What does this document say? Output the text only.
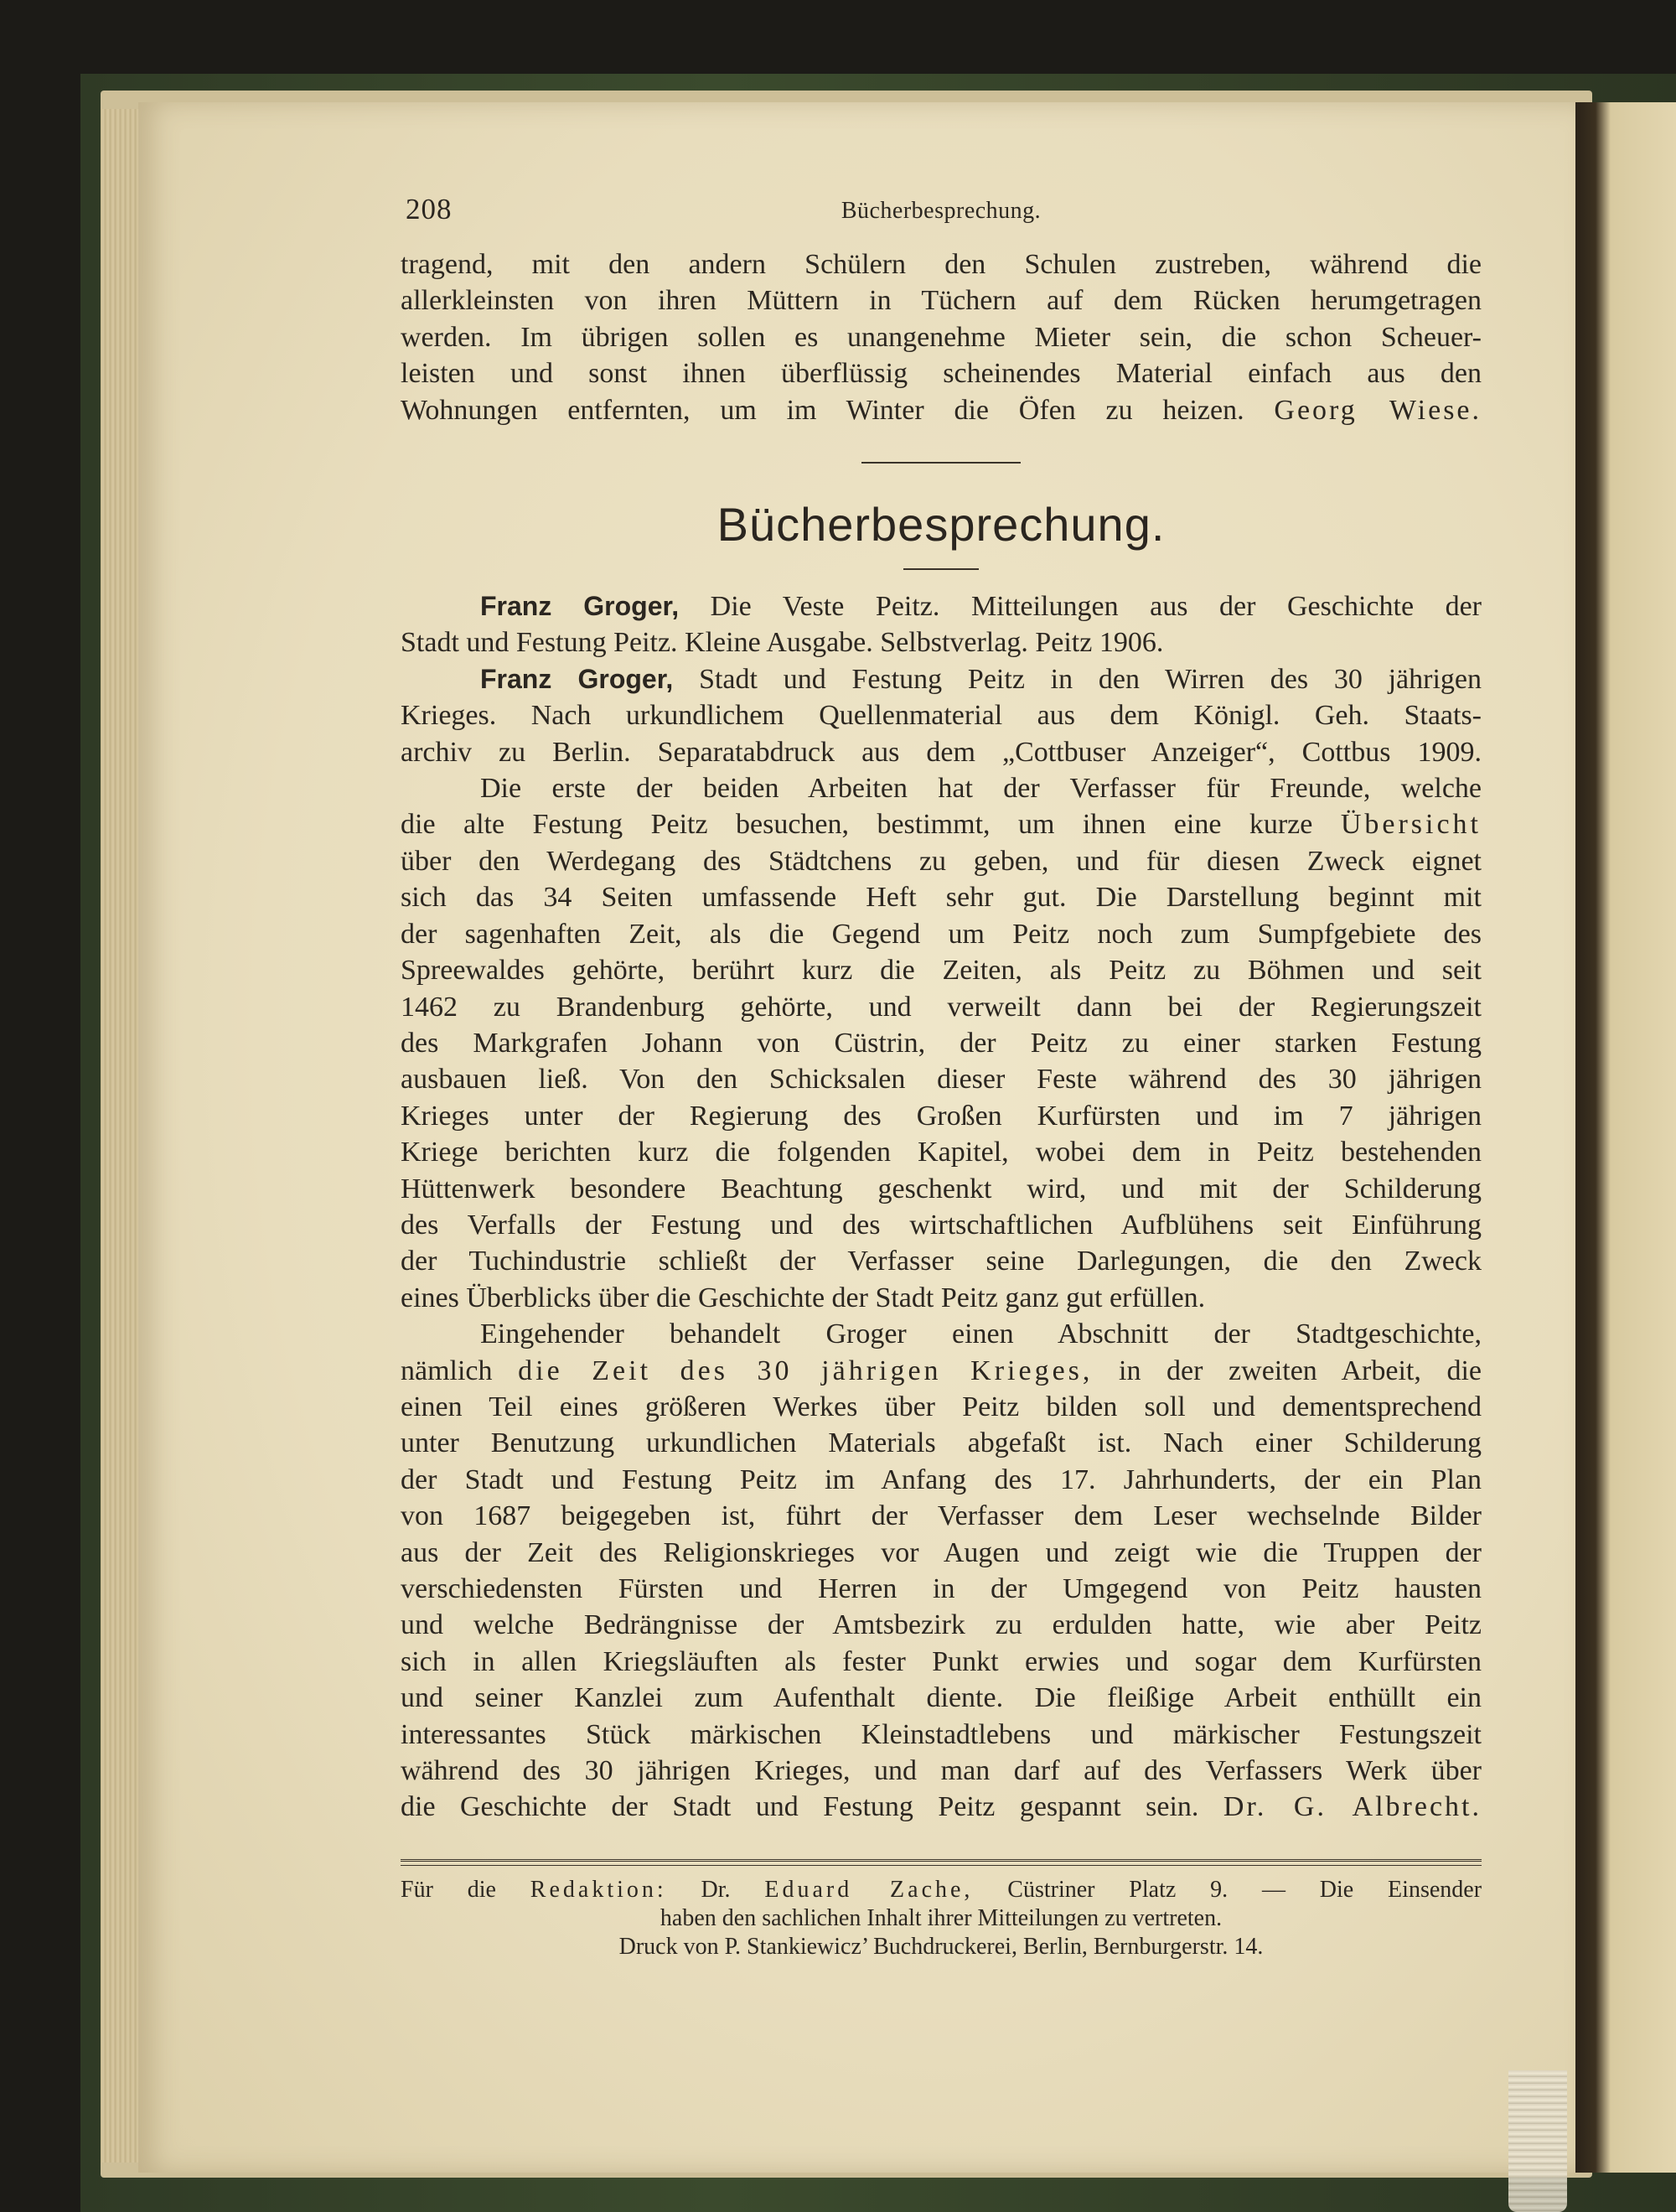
208	Bücherbesprechung.
tragend, mit den andern Schülern den Schulen zustreben, während die
allerkleinsten von ihren Müttern in Tüchern auf dem Rücken herumgetragen
werden. Im übrigen sollen es unangenehme Mieter sein, die schon Scheuer-
leisten und sonst ihnen überflüssig scheinendes Material einfach aus den
Wohnungen entfernten, um im Winter die Öfen zu heizen. Georg Wiese.
Bücherbesprechung.
Franz Groger, Die Veste Peitz. Mitteilungen aus der Geschichte der
Stadt und Festung Peitz. Kleine Ausgabe. Selbstverlag. Peitz 1906.
Franz Groger, Stadt und Festung Peitz in den Wirren des 30 jährigen
Krieges. Nach urkundlichem Quellenmaterial aus dem Königl. Geh. Staats-
archiv zu Berlin. Separatabdruck aus dem „Cottbuser Anzeiger“, Cottbus 1909.
Die erste der beiden Arbeiten hat der Verfasser für Freunde, welche
die alte Festung Peitz besuchen, bestimmt, um ihnen eine kurze Übersicht
über den Werdegang des Städtchens zu geben, und für diesen Zweck eignet
sich das 34 Seiten umfassende Heft sehr gut. Die Darstellung beginnt mit
der sagenhaften Zeit, als die Gegend um Peitz noch zum Sumpfgebiete des
Spreewaldes gehörte, berührt kurz die Zeiten, als Peitz zu Böhmen und seit
1462 zu Brandenburg gehörte, und verweilt dann bei der Regierungszeit
des Markgrafen Johann von Cüstrin, der Peitz zu einer starken Festung
ausbauen ließ. Von den Schicksalen dieser Feste während des 30 jährigen
Krieges unter der Regierung des Großen Kurfürsten und im 7 jährigen
Kriege berichten kurz die folgenden Kapitel, wobei dem in Peitz bestehenden
Hüttenwerk besondere Beachtung geschenkt wird, und mit der Schilderung
des Verfalls der Festung und des wirtschaftlichen Aufblühens seit Einführung
der Tuchindustrie schließt der Verfasser seine Darlegungen, die den Zweck
eines Überblicks über die Geschichte der Stadt Peitz ganz gut erfüllen.
Eingehender behandelt Groger einen Abschnitt der Stadtgeschichte,
nämlich die Zeit des 30 jährigen Krieges, in der zweiten Arbeit, die
einen Teil eines größeren Werkes über Peitz bilden soll und dementsprechend
unter Benutzung urkundlichen Materials abgefaßt ist. Nach einer Schilderung
der Stadt und Festung Peitz im Anfang des 17. Jahrhunderts, der ein Plan
von 1687 beigegeben ist, führt der Verfasser dem Leser wechselnde Bilder
aus der Zeit des Religionskrieges vor Augen und zeigt wie die Truppen der
verschiedensten Fürsten und Herren in der Umgegend von Peitz hausten
und welche Bedrängnisse der Amtsbezirk zu erdulden hatte, wie aber Peitz
sich in allen Kriegsläuften als fester Punkt erwies und sogar dem Kurfürsten
und seiner Kanzlei zum Aufenthalt diente. Die fleißige Arbeit enthüllt ein
interessantes Stück märkischen Kleinstadtlebens und märkischer Festungszeit
während des 30 jährigen Krieges, und man darf auf des Verfassers Werk über
die Geschichte der Stadt und Festung Peitz gespannt sein. Dr. G. Albrecht.
Für die Redaktion: Dr. Eduard Zache, Cüstriner Platz 9. — Die Einsender
haben den sachlichen Inhalt ihrer Mitteilungen zu vertreten.
Druck von P. Stankiewicz’ Buchdruckerei, Berlin, Bernburgerstr. 14.
